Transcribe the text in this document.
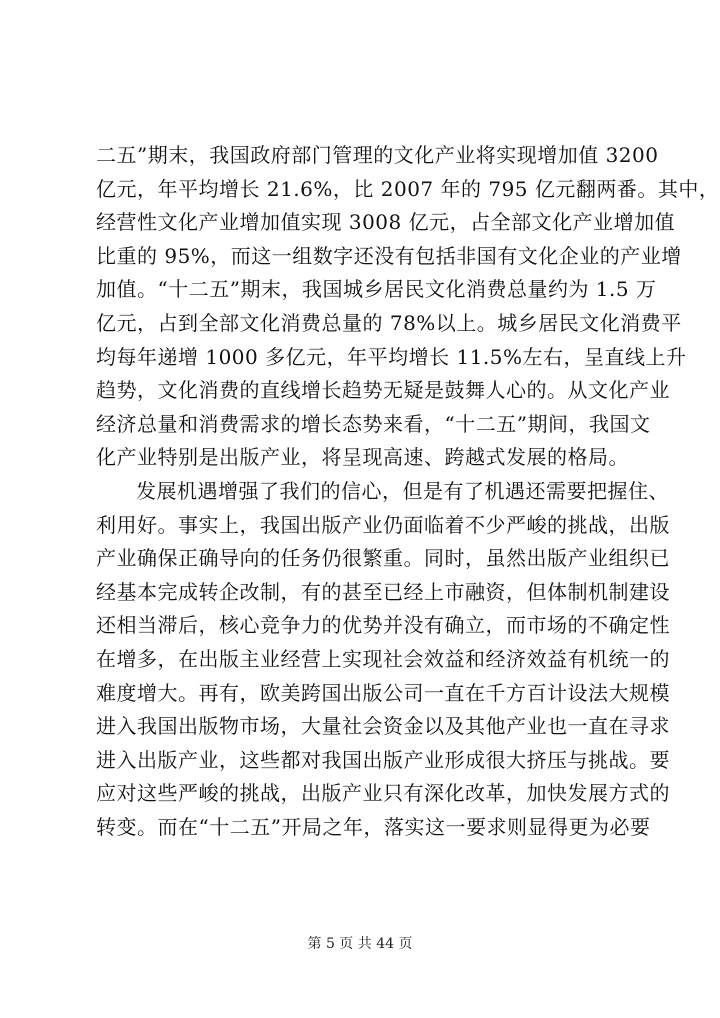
二五”期末，我国政府部门管理的文化产业将实现增加值 3200
亿元，年平均增长 21.6%，比 2007 年的 795 亿元翻两番。其中，
经营性文化产业增加值实现 3008 亿元，占全部文化产业增加值
比重的 95%，而这一组数字还没有包括非国有文化企业的产业增
加值。“十二五”期末，我国城乡居民文化消费总量约为 1.5 万
亿元，占到全部文化消费总量的 78%以上。城乡居民文化消费平
均每年递增 1000 多亿元，年平均增长 11.5%左右，呈直线上升
趋势，文化消费的直线增长趋势无疑是鼓舞人心的。从文化产业
经济总量和消费需求的增长态势来看，“十二五”期间，我国文
化产业特别是出版产业，将呈现高速、跨越式发展的格局。
发展机遇增强了我们的信心，但是有了机遇还需要把握住、
利用好。事实上，我国出版产业仍面临着不少严峻的挑战，出版
产业确保正确导向的任务仍很繁重。同时，虽然出版产业组织已
经基本完成转企改制，有的甚至已经上市融资，但体制机制建设
还相当滞后，核心竞争力的优势并没有确立，而市场的不确定性
在增多，在出版主业经营上实现社会效益和经济效益有机统一的
难度增大。再有，欧美跨国出版公司一直在千方百计设法大规模
进入我国出版物市场，大量社会资金以及其他产业也一直在寻求
进入出版产业，这些都对我国出版产业形成很大挤压与挑战。要
应对这些严峻的挑战，出版产业只有深化改革，加快发展方式的
转变。而在“十二五”开局之年，落实这一要求则显得更为必要
第 5 页 共 44 页
